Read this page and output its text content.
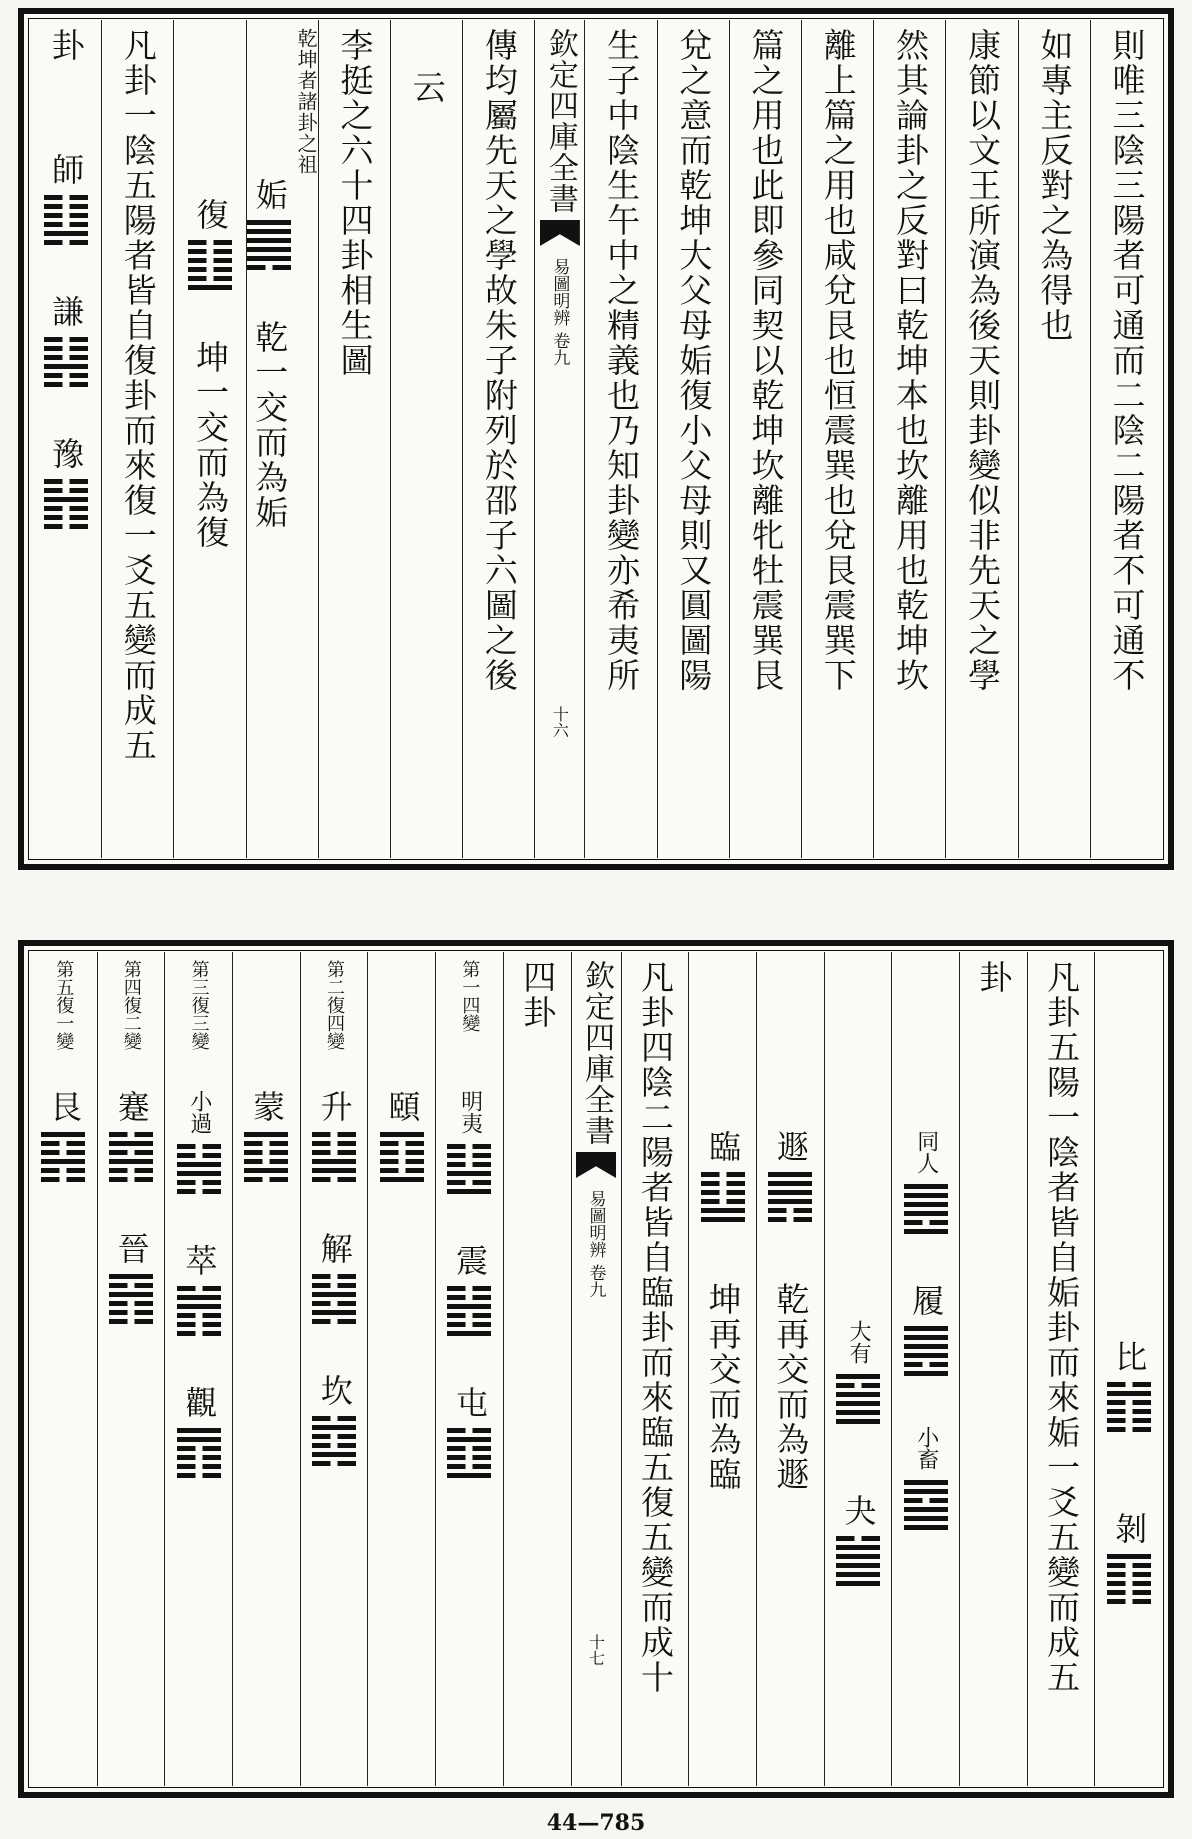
則唯三陰三陽者可通而二陰二陽者不可通不
如專主反對之為得也
康節以文王所演為後天則卦變似非先天之學
然其論卦之反對曰乾坤本也坎離用也乾坤坎
離上篇之用也咸兌艮也恒震巽也兌艮震巽下
篇之用也此即參同契以乾坤坎離牝牡震巽艮
兌之意而乾坤大父母姤復小父母則又圓圖陽
生子中陰生午中之精義也乃知卦變亦希夷所
欽定四庫全書
易圖明辨
卷九
十六
傳均屬先天之學故朱子附列於邵子六圖之後
云
李挺之六十四卦相生圖
乾坤者諸卦之祖
姤
乾一交而為姤
復
坤一交而為復
凡卦一陰五陽者皆自復卦而來復一爻五變而成五
卦
師
謙
豫
比
剝
凡卦五陽一陰者皆自姤卦而來姤一爻五變而成五
卦
同人
履
小畜
大有
夬
遯
乾再交而為遯
臨
坤再交而為臨
凡卦四陰二陽者皆自臨卦而來臨五復五變而成十
欽定四庫全書
易圖明辨
卷九
十七
四卦
第一四變
明夷
震
屯
頤
第二復四變
升
解
坎
蒙
第三復三變
小過
萃
觀
第四復二變
蹇
晉
第五復一變
艮
44—785
